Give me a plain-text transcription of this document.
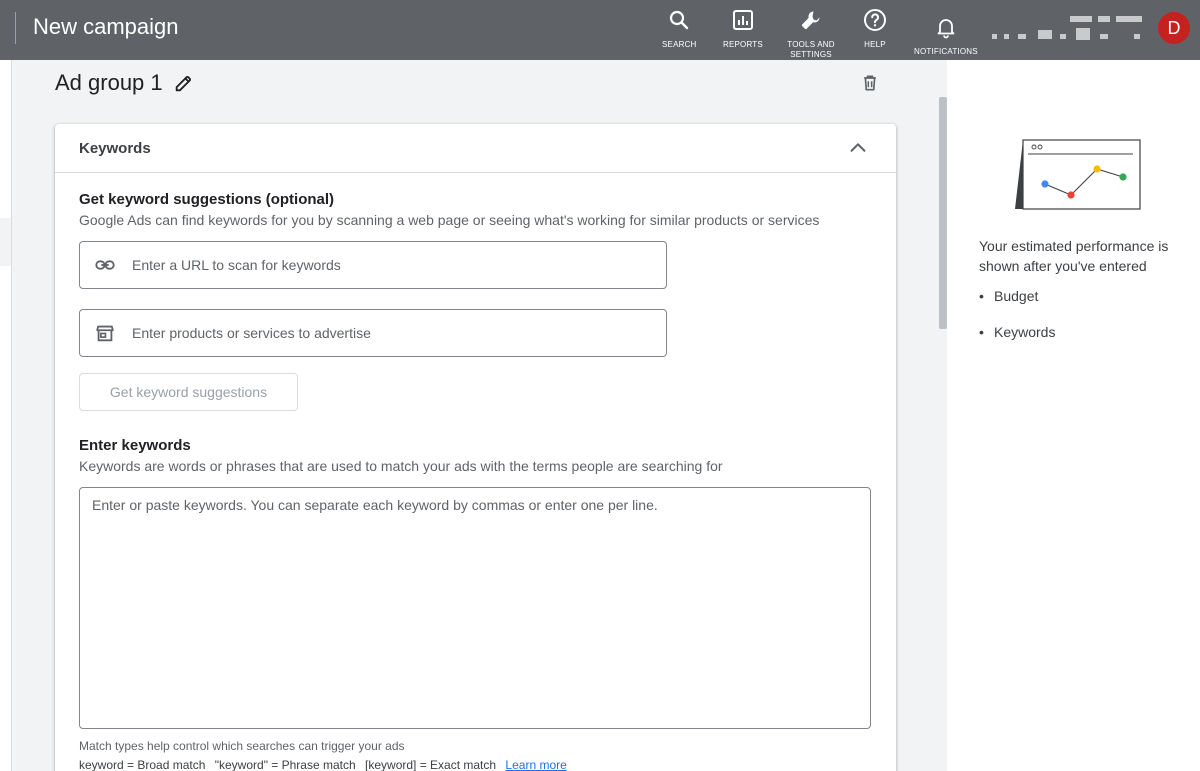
New campaign
SEARCH	REPORTS	TOOLS AND SETTINGS
HELP
NOTIFICATIONS
D
Ad group 1
Keywords
Get keyword suggestions (optional)
Google Ads can find keywords for you by scanning a web page or seeing what's working for similar products or services
Enter a URL to scan for keywords
Enter products or services to advertise
Get keyword suggestions
Enter keywords
Keywords are words or phrases that are used to match your ads with the terms people are searching for
Enter or paste keywords. You can separate each keyword by commas or enter one per line.
Match types help control which searches can trigger your ads
keyword = Broad match "keyword" = Phrase match [keyword] = Exact match Learn more
Your estimated performance is shown after you've entered
• Budget
• Keywords
